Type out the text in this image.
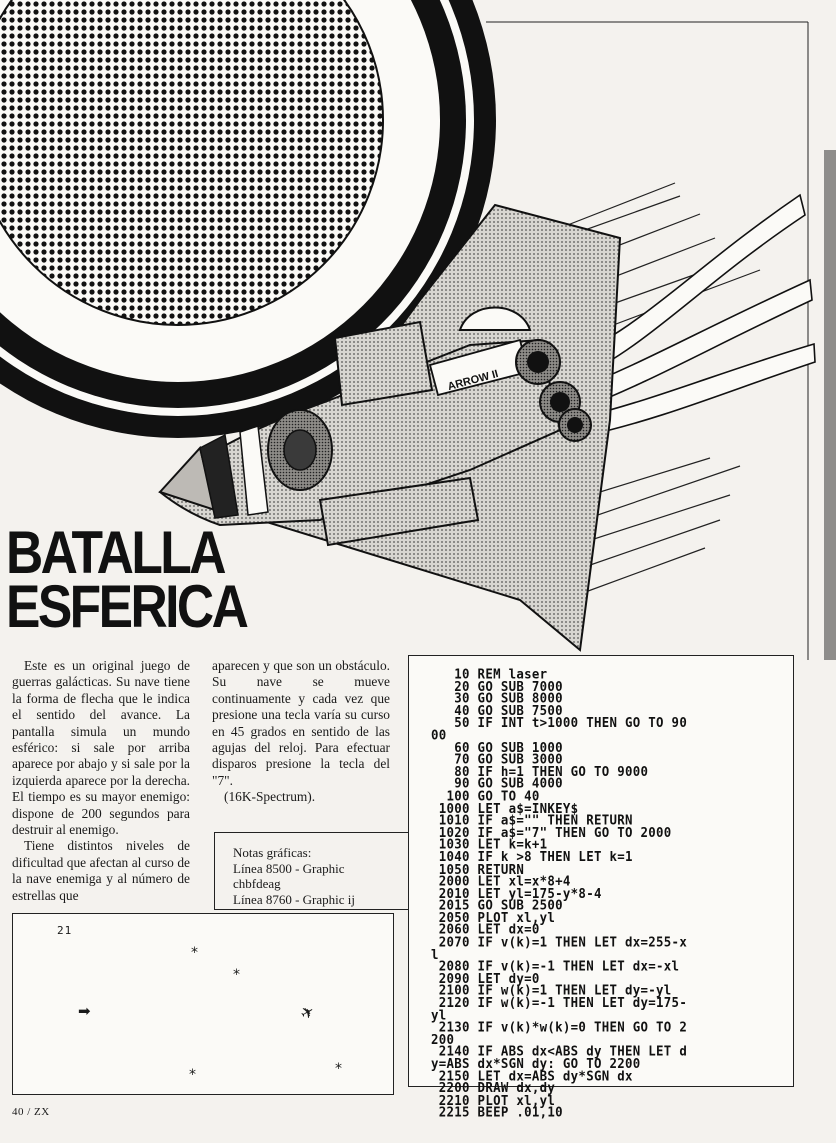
ARROW II
BATALLA
ESFERICA

Este es un original juego de guerras galácticas. Su nave tiene la forma de flecha que le indica el sentido del avance. La pantalla simula un mundo esférico: si sale por arriba aparece por abajo y si sale por la izquierda aparece por la derecha. El tiempo es su mayor enemigo: dispone de 200 segundos para destruir al enemigo.

Tiene distintos niveles de dificultad que afectan al curso de la nave enemiga y al número de estrellas que

aparecen y que son un obstáculo. Su nave se mueve continuamente y cada vez que presione una tecla varía su curso en 45 grados en sentido de las agujas del reloj. Para efectuar disparos presione la tecla del "7".

(16K-Spectrum).

Notas gráficas:
Línea 8500 - Graphic
chbfdeag
Línea 8760 - Graphic ij
21
*
*
➡	✈
*	*
10 REM laser
20 GO SUB 7000
30 GO SUB 8000
40 GO SUB 7500
50 IF INT t>1000 THEN GO TO 90
00
60 GO SUB 1000
70 GO SUB 3000
80 IF h=1 THEN GO TO 9000
90 GO SUB 4000
100 GO TO 40
1000 LET a$=INKEY$
1010 IF a$="" THEN RETURN
1020 IF a$="7" THEN GO TO 2000
1030 LET k=k+1
1040 IF k >8 THEN LET k=1
1050 RETURN
2000 LET xl=x*8+4
2010 LET yl=175-y*8-4
2015 GO SUB 2500
2050 PLOT xl,yl
2060 LET dx=0
2070 IF v(k)=1 THEN LET dx=255-x
l
2080 IF v(k)=-1 THEN LET dx=-xl
2090 LET dy=0
2100 IF w(k)=1 THEN LET dy=-yl
2120 IF w(k)=-1 THEN LET dy=175-
yl
2130 IF v(k)*w(k)=0 THEN GO TO 2
200
2140 IF ABS dx<ABS dy THEN LET d
y=ABS dx*SGN dy: GO TO 2200
2150 LET dx=ABS dy*SGN dx
2200 DRAW dx,dy
2210 PLOT xl,yl
2215 BEEP .01,10
40 / ZX
